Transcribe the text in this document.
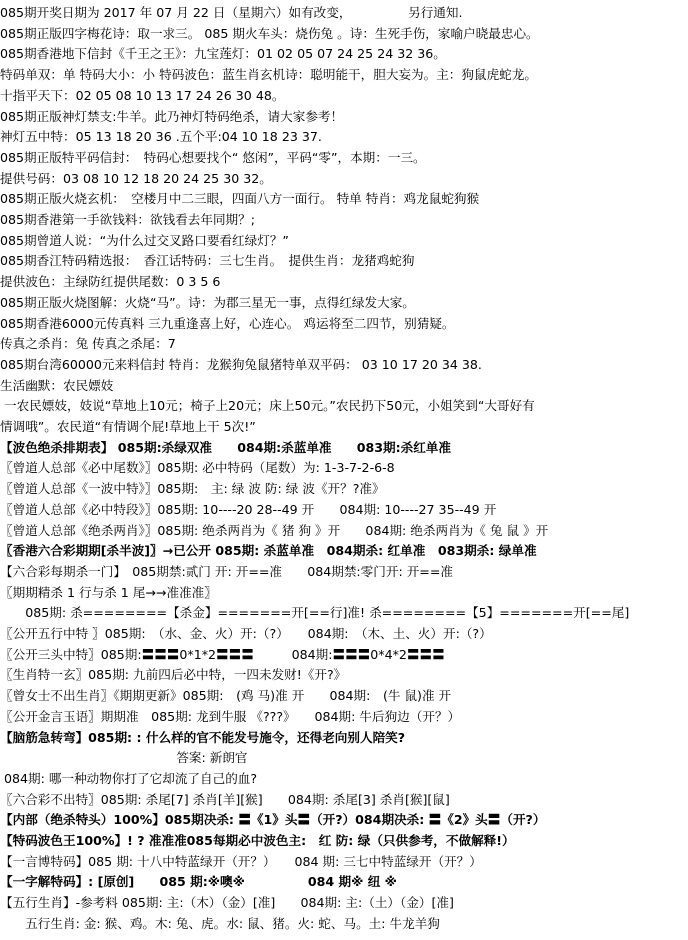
085期开奖日期为 2017 年 07 月 22 日（星期六）如有改变，　　　　　另行通知.
085期正版四字梅花诗：取一求三。 085 期火车头：烧伤兔 。诗：生死手伤，家喻户晓最忠心。
085期香港地下信封《千王之王》：九宝莲灯：01 02 05 07 24 25 24 32 36。
特码单双：单 特码大小：小 特码波色：蓝生肖玄机诗：聪明能干，胆大妄为。主：狗鼠虎蛇龙。
十指平天下：02 05 08 10 13 17 24 26 30 48。
085期正版神灯禁支:牛羊。此乃神灯特码绝杀，请大家参考！
神灯五中特：05 13 18 20 36 .五个平:04 10 18 23 37.
085期正版特平码信封：　特码心想要找个“ 悠闲”，平码“零”，本期：一三。
提供号码：03 08 10 12 18 20 24 25 30 32。
085期正版火烧玄机：　空楼月中二三眼，四面八方一面行。 特单 特肖：鸡龙鼠蛇狗猴
085期香港第一手欲钱料：欲钱看去年同期？;
085期曾道人说：“为什么过交叉路口要看红绿灯？”
085期香江特码精选报：　香江话特码：三七生肖。　提供生肖：龙猪鸡蛇狗
提供波色：主绿防红提供尾数：0 3 5 6
085期正版火烧图解：火烧“马”。诗：为郡三星无一事，点得红绿发大家。
085期香港6000元传真料 三九重逢喜上好，心连心。 鸡运将至二四节，别猜疑。
传真之杀肖：兔 传真之杀尾：7
085期台湾60000元来料信封 特肖：龙猴狗兔鼠猪特单双平码： 03 10 17 20 34 38.
生活幽默：农民嫖妓
一农民嫖妓，妓说“草地上10元；椅子上20元；床上50元。”农民扔下50元，小姐笑到“大哥好有
情调哦”。农民道“有情调个屁!草地上干 5次!”
【波色绝杀排期表】 085期:杀绿双准　　084期:杀蓝单准　　083期:杀红单准
〖曾道人总部《必中尾数》〗085期: 必中特码（尾数）为: 1-3-7-2-6-8
〖曾道人总部《一波中特》〗085期:　主: 绿 波 防: 绿 波《开？?准》
〖曾道人总部《必中特段》〗085期: 10----20 28--49 开　　084期: 10----27 35--49 开
〖曾道人总部《绝杀两肖》〗085期: 绝杀两肖为《 猪 狗 》开　　084期: 绝杀两肖为《 兔 鼠 》开
〖香港六合彩期期[杀半波]〗→已公开 085期: 杀蓝单准　084期杀: 红单准　083期杀: 绿单准
【六合彩每期杀一门】　085期禁:贰门 开: 开==准　　084期禁:零门开: 开==准
〖期期精杀 1 行与杀 1 尾→→准准准〗
　　085期: 杀========【杀金】=======开[==行]准! 杀========【5】=======开[==尾]
〖公开五行中特 〗085期:　（水、金、火）开:（?）　　084期:　（木、土、火）开:（?）
〖公开三头中特〗085期:〓〓〓0*1*2〓〓〓　　　084期:〓〓〓0*4*2〓〓〓
〖生肖特一玄〗085期: 九前四后必中特，一四未发财!《开?》
〖曾女士不出生肖〗《期期更新》085期:　(鸡 马)准 开　　084期:　(牛 鼠)准 开
〖公开金言玉语〗期期准　085期: 龙到牛服 《???》　　084期: 牛后狗边（开？）
【脑筋急转弯】085期: : 什么样的官不能发号施令，还得老向别人陪笑?
　　　　　　　　　　　　　　答案: 新朗官
084期: 哪一种动物你打了它却流了自己的血?
〖六合彩不出特〗085期: 杀尾[7] 杀肖[羊][猴]　　084期: 杀尾[3] 杀肖[猴][鼠]
【内部（绝杀特头）100%】085期决杀: 〓《1》头〓（开?）084期决杀: 〓《2》头〓（开?）
【特码波色王100%】! ? 准准准085每期必中波色主:　红 防: 绿（只供参考，不做解释!）
【一言博特码】085 期: 十八中特蓝绿开（开？）　　084 期: 三七中特蓝绿开（开？）
【一字解特码】: [原创]　　085 期:※噢※　　　　　084 期※ 纽 ※
【五行生肖】-参考料 085期: 主:（木）（金）[准]　　084期: 主:（土）（金）[准]
　　五行生肖: 金: 猴、鸡。木: 兔、虎。水: 鼠、猪。火: 蛇、马。土: 牛龙羊狗
